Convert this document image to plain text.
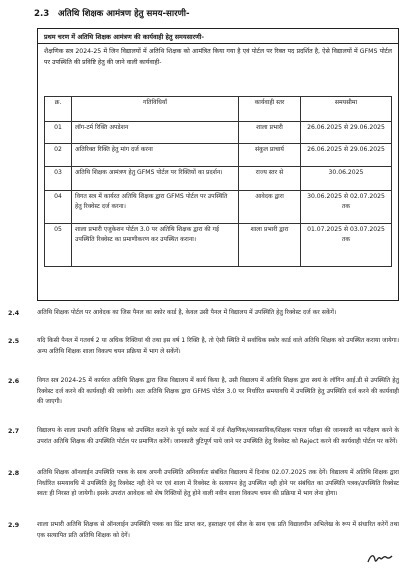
2.3 अतिथि शिक्षक आमंत्रण हेतु समय-सारणी-
प्रथम चरण में अतिथि शिक्षक आमंत्रण की कार्यवाही हेतु समयसारणी-
शैक्षणिक सत्र 2024-25 में जिन विद्यालयों में अतिथि शिक्षक को आमंत्रित किया गया है एवं पोर्टल पर रिक्त पद प्रदर्शित है, ऐसे विद्यालयों में GFMS पोर्टल पर उपस्थिति की प्रविष्टि हेतु की जाने वाली कार्यवाही-
क्र.	गतिविधियाँ	कार्यवाही स्तर	समयसीमा
01	लॉग-टर्म रिक्ति अपडेशन	शाला प्रभारी	26.06.2025 से 29.06.2025
02	अतिरिक्त रिक्ति हेतु मांग दर्ज करना	संकुल प्राचार्य	26.06.2025 से 29.06.2025
03	अतिथि शिक्षक आमंत्रण हेतु GFMS पोर्टल पर रिक्तियों का प्रदर्शन।	राज्य स्तर से	30.06.2025
04	विगत सत्र में कार्यरत अतिथि शिक्षक द्वारा GFMS पोर्टल पर उपस्थिति हेतु रिक्वेस्ट दर्ज करना।	आवेदक द्वारा	30.06.2025 से 02.07.2025 तक
05	शाला प्रभारी एजुकेशन पोर्टल 3.0 पर अतिथि शिक्षक द्वारा की गई उपस्थिति रिक्वेस्ट का प्रमाणीकरण कर उपस्थित कराना।	शाला प्रभारी द्वारा	01.07.2025 से 03.07.2025 तक
2.4	अतिथि शिक्षक पोर्टल पर आवेदक का जिस पैनल का स्कोर कार्ड है, केवल उसी पैनल में विद्यालय में उपस्थिति हेतु रिक्वेस्ट दर्ज कर सकेंगें।
2.5	यदि किसी पैनल में गतवर्ष 2 या अधिक रिक्तियां थी तथा इस वर्ष 1 रिक्ति है, तो ऐसी स्थिति में सर्वाधिक स्कोर कार्ड वाले अतिथि शिक्षक को उपस्थित कराया जायेगा। अन्य अतिथि शिक्षक शाला विकल्प चयन प्रक्रिया में भाग ले सकेंगें।
2.6	विगत सत्र 2024-25 में कार्यरत अतिथि शिक्षक द्वारा जिस विद्यालय में कार्य किया है, उसी विद्यालय में अतिथि शिक्षक द्वारा स्वयं के लॉगिन आई.डी से उपस्थिति हेतु रिक्वेस्ट दर्ज करने की कार्यवाही की जावेगी। अतः अतिथि शिक्षक द्वारा GFMS पोर्टल 3.0 पर निर्धारित समयावधि में उपस्थिति हेतु उपस्थिति दर्ज करने की कार्यवाही की जाएगी।
2.7	विद्यालय के शाला प्रभारी अतिथि शिक्षक को उपस्थित कराने के पूर्व स्कोर कार्ड में दर्ज शैक्षणिक/व्यावसायिक/शिक्षक पात्रता परीक्षा की जानकारी का परीक्षण करने के उपरांत अतिथि शिक्षक की उपस्थिति पोर्टल पर प्रमाणित करेंगें। जानकारी त्रुटिपूर्ण पाये जाने पर उपस्थिति हेतु रिक्वेस्ट को Reject करने की कार्यवाही पोर्टल पर करेंगें।
2.8	अतिथि शिक्षक ऑनलाईन उपस्थिति पत्रक के साथ अपनी उपस्थिति अनिवार्यतः संबंधित विद्यालय में दिनांक 02.07.2025 तक देगें। विद्यालय में अतिथि शिक्षक द्वारा निर्धारित समयावधि में उपस्थिति हेतु रिक्वेस्ट नही देने पर एवं शाला में रिक्वेस्ट के सत्यापन हेतु उपस्थित नही होने पर संबंधित का उपस्थिति पत्रक/उपस्थिति रिक्वेस्ट स्वतः ही निरस्त हो जायेगी। इसके उपरांत आवेदक को शेष रिक्तियों हेतु होने वाली नवीन शाला विकल्प चयन की प्रक्रिया में भाग लेना होगा।
2.9	शाला प्रभारी अतिथि शिक्षक से ऑनलाईन उपस्थिति पत्रक का प्रिंट प्राप्त कर, हस्ताक्षर एवं सील के साथ एक प्रति विद्यालयीन अभिलेख के रूप में संधारित करेगें तथा एक सत्यापित प्रति अतिथि शिक्षक को देगें।
